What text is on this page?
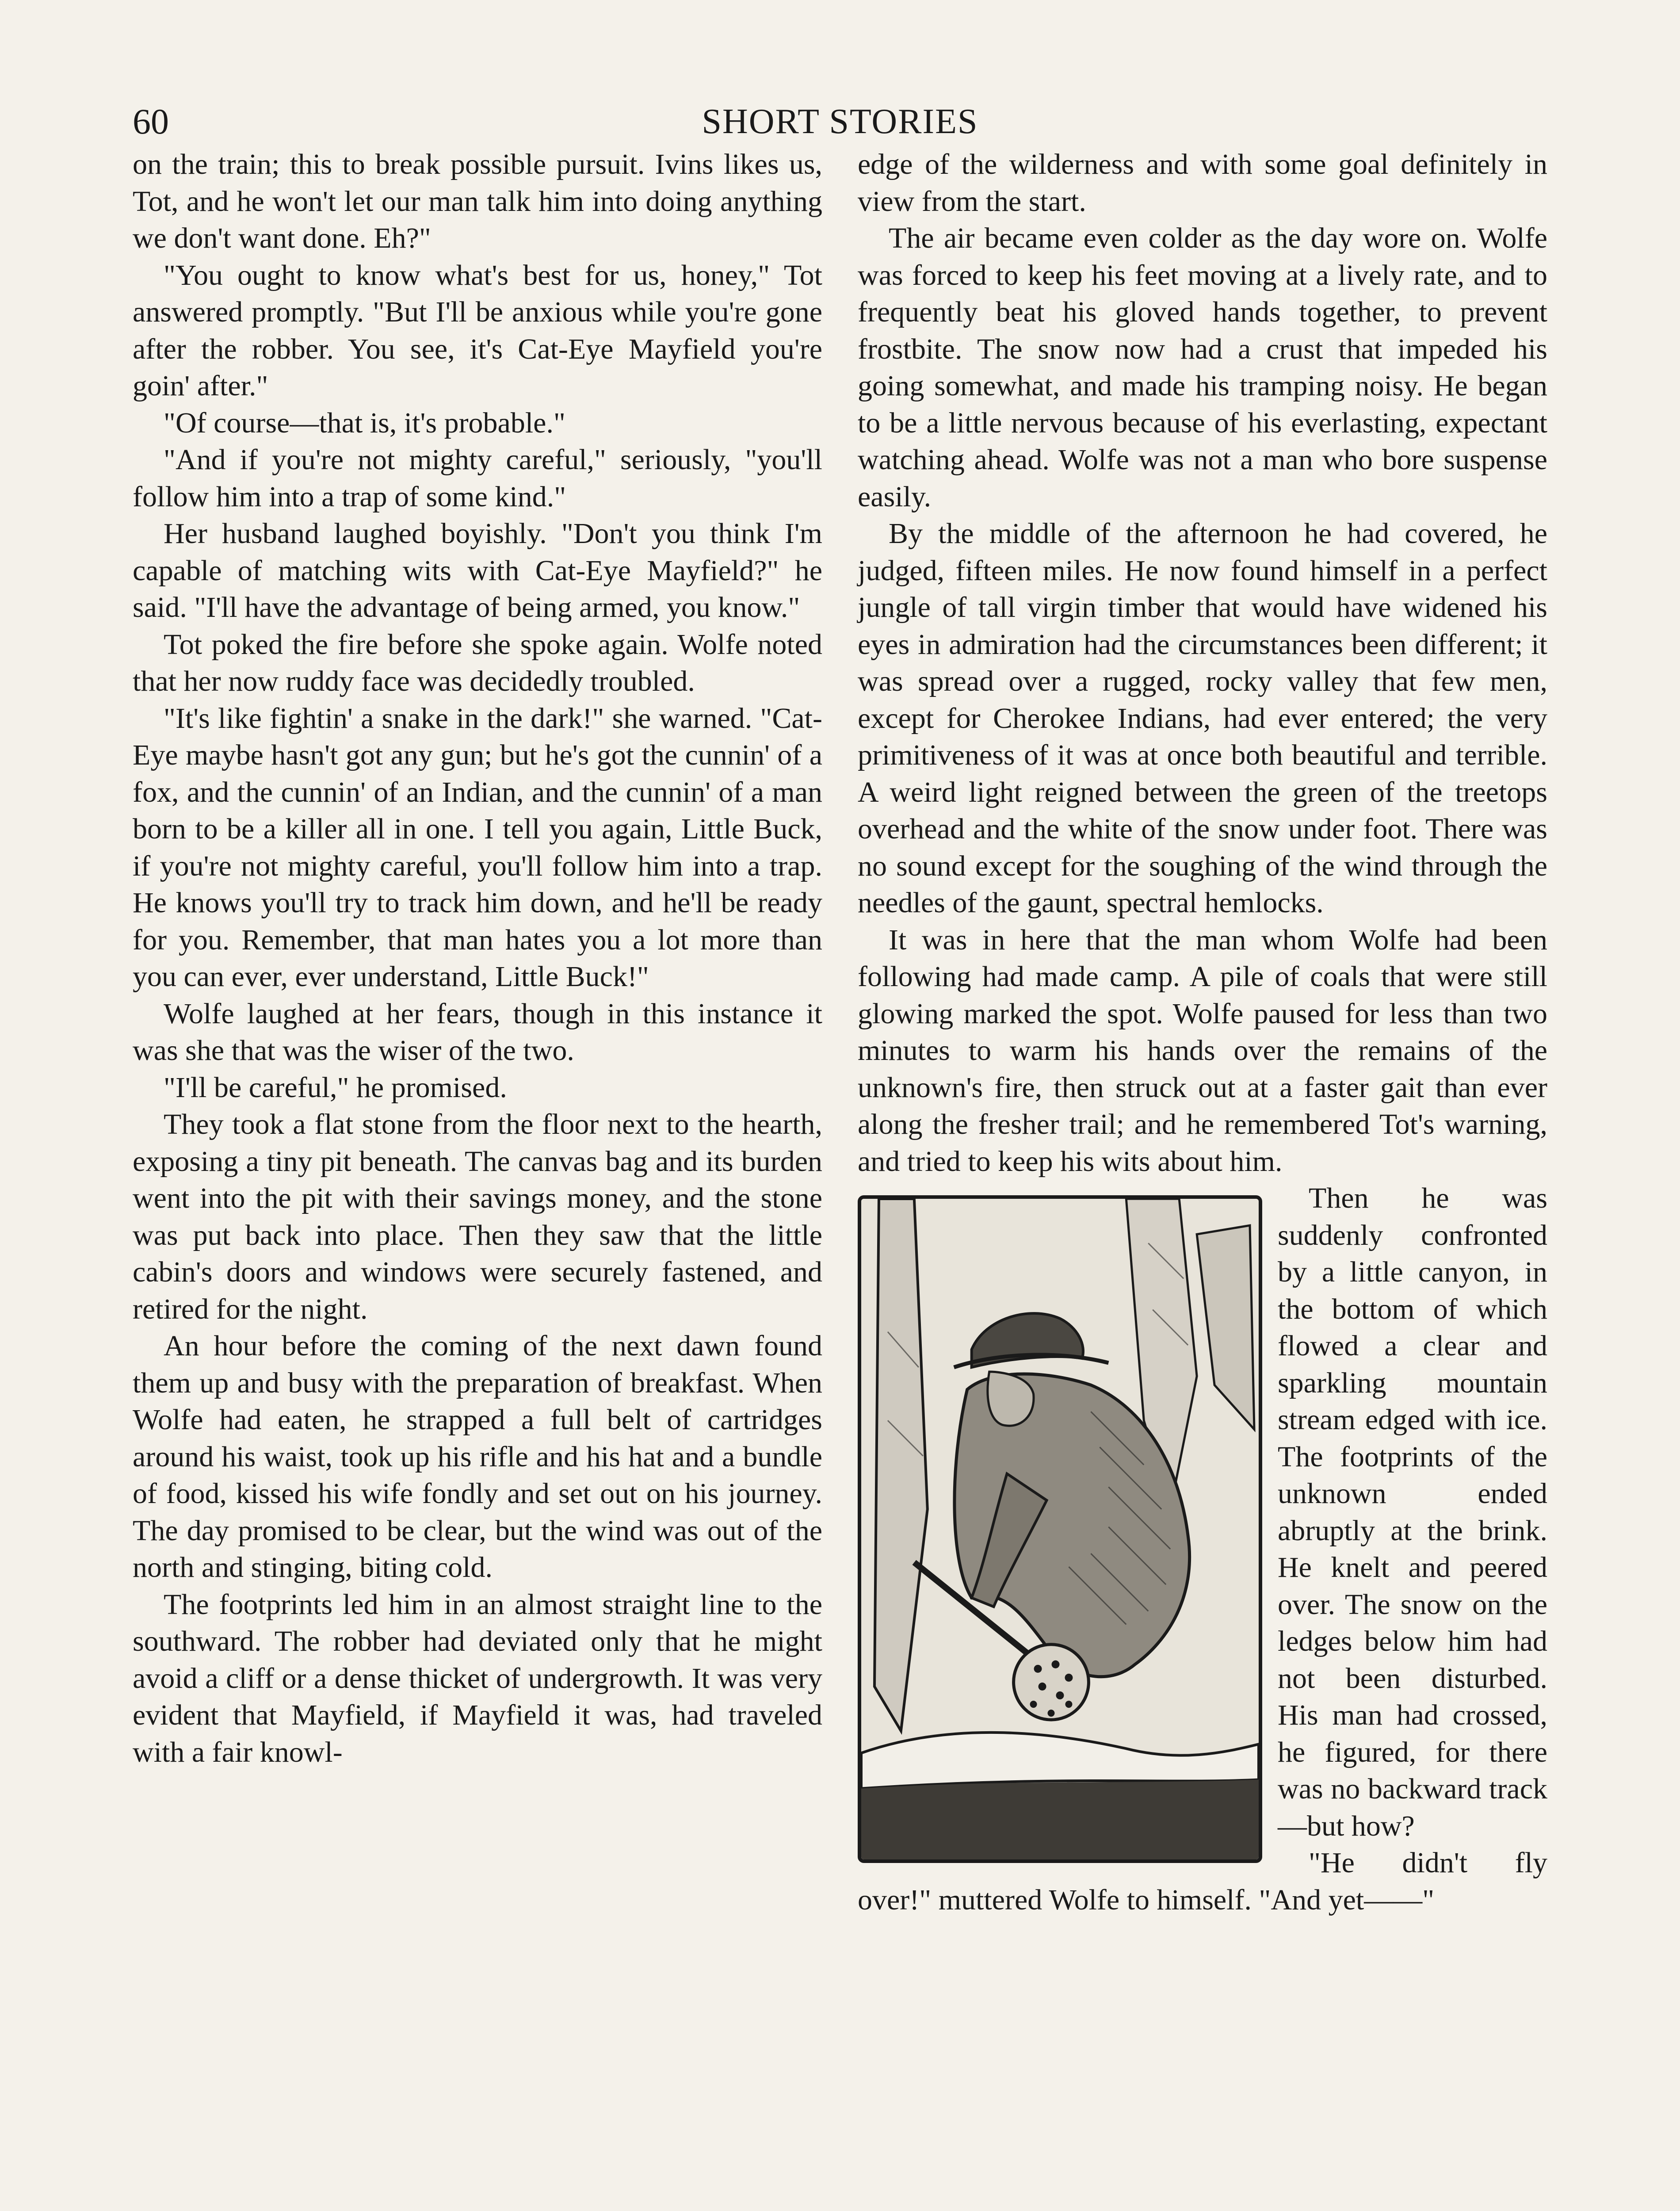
60	SHORT STORIES

on the train; this to break possible pursuit. Ivins likes us, Tot, and he won't let our man talk him into doing anything we don't want done. Eh?"

"You ought to know what's best for us, honey," Tot answered promptly. "But I'll be anxious while you're gone after the robber. You see, it's Cat-Eye Mayfield you're goin' after."

"Of course—that is, it's probable."

"And if you're not mighty careful," seriously, "you'll follow him into a trap of some kind."

Her husband laughed boyishly. "Don't you think I'm capable of matching wits with Cat-Eye Mayfield?" he said. "I'll have the advantage of being armed, you know."

Tot poked the fire before she spoke again. Wolfe noted that her now ruddy face was decidedly troubled.

"It's like fightin' a snake in the dark!" she warned. "Cat-Eye maybe hasn't got any gun; but he's got the cunnin' of a fox, and the cunnin' of an Indian, and the cunnin' of a man born to be a killer all in one. I tell you again, Little Buck, if you're not mighty careful, you'll follow him into a trap. He knows you'll try to track him down, and he'll be ready for you. Remember, that man hates you a lot more than you can ever, ever understand, Little Buck!"

Wolfe laughed at her fears, though in this instance it was she that was the wiser of the two.

"I'll be careful," he promised.

They took a flat stone from the floor next to the hearth, exposing a tiny pit beneath. The canvas bag and its burden went into the pit with their savings money, and the stone was put back into place. Then they saw that the little cabin's doors and windows were securely fastened, and retired for the night.

An hour before the coming of the next dawn found them up and busy with the preparation of breakfast. When Wolfe had eaten, he strapped a full belt of cartridges around his waist, took up his rifle and his hat and a bundle of food, kissed his wife fondly and set out on his journey. The day promised to be clear, but the wind was out of the north and stinging, biting cold.

The footprints led him in an almost straight line to the southward. The robber had deviated only that he might avoid a cliff or a dense thicket of undergrowth. It was very evident that Mayfield, if Mayfield it was, had traveled with a fair knowl-

edge of the wilderness and with some goal definitely in view from the start.

The air became even colder as the day wore on. Wolfe was forced to keep his feet moving at a lively rate, and to frequently beat his gloved hands together, to prevent frostbite. The snow now had a crust that impeded his going somewhat, and made his tramping noisy. He began to be a little nervous because of his everlasting, expectant watching ahead. Wolfe was not a man who bore suspense easily.

By the middle of the afternoon he had covered, he judged, fifteen miles. He now found himself in a perfect jungle of tall virgin timber that would have widened his eyes in admiration had the circumstances been different; it was spread over a rugged, rocky valley that few men, except for Cherokee Indians, had ever entered; the very primitiveness of it was at once both beautiful and terrible. A weird light reigned between the green of the treetops overhead and the white of the snow under foot. There was no sound except for the soughing of the wind through the needles of the gaunt, spectral hemlocks.

It was in here that the man whom Wolfe had been following had made camp. A pile of coals that were still glowing marked the spot. Wolfe paused for less than two minutes to warm his hands over the remains of the unknown's fire, then struck out at a faster gait than ever along the fresher trail; and he remembered Tot's warning, and tried to keep his wits about him.

Then he was suddenly confronted by a little canyon, in the bottom of which flowed a clear and sparkling mountain stream edged with ice. The footprints of the unknown ended abruptly at the brink. He knelt and peered over. The snow on the ledges below him had not been disturbed. His man had crossed, he figured, for there was no backward track—but how?

"He didn't fly over!" muttered Wolfe to himself. "And yet——"
